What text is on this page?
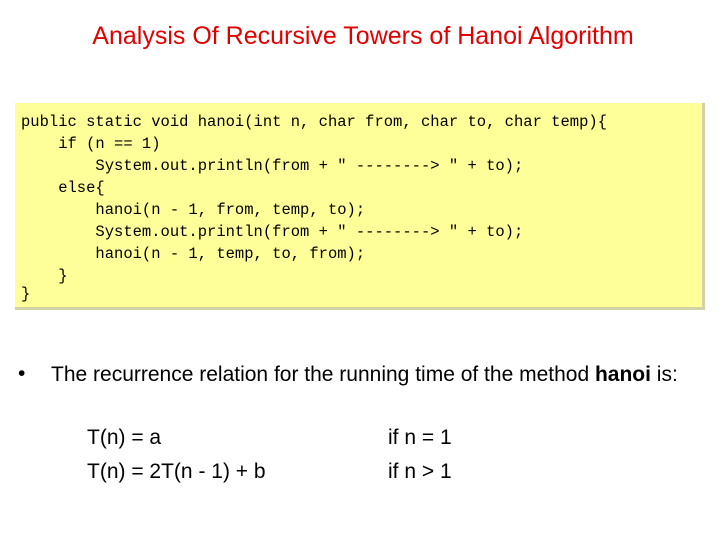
Analysis Of Recursive Towers of Hanoi Algorithm
public static void hanoi(int n, char from, char to, char temp){
if (n == 1)
System.out.println(from + " --------> " + to);
else{
hanoi(n - 1, from, temp, to);
System.out.println(from + " --------> " + to);
hanoi(n - 1, temp, to, from);
}
}
• The recurrence relation for the running time of the method hanoi is:
T(n) = a	if n = 1
T(n) = 2T(n - 1) + b	if n > 1
